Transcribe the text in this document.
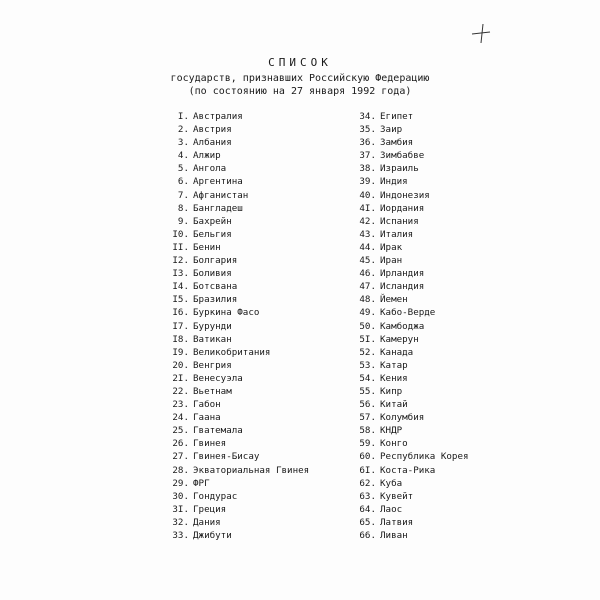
СПИСОК
государств, признавших Российскую Федерацию
(по состоянию на 27 января 1992 года)
I. Австралия
2. Австрия
3. Албания
4. Алжир
5. Ангола
6. Аргентина
7. Афганистан
8. Бангладеш
9. Бахрейн
I0. Бельгия
II. Бенин
I2. Болгария
I3. Боливия
I4. Ботсвана
I5. Бразилия
I6. Буркина Фасо
I7. Бурунди
I8. Ватикан
I9. Великобритания
20. Венгрия
2I. Венесуэла
22. Вьетнам
23. Габон
24. Гаана
25. Гватемала
26. Гвинея
27. Гвинея-Бисау
28. Экваториальная Гвинея
29. ФРГ
30. Гондурас
3I. Греция
32. Дания
33. Джибути
34. Египет
35. Заир
36. Замбия
37. Зимбабве
38. Израиль
39. Индия
40. Индонезия
4I. Иордания
42. Испания
43. Италия
44. Ирак
45. Иран
46. Ирландия
47. Исландия
48. Йемен
49. Кабо-Верде
50. Камбоджа
5I. Камерун
52. Канада
53. Катар
54. Кения
55. Кипр
56. Китай
57. Колумбия
58. КНДР
59. Конго
60. Республика Корея
6I. Коста-Рика
62. Куба
63. Кувейт
64. Лаос
65. Латвия
66. Ливан
